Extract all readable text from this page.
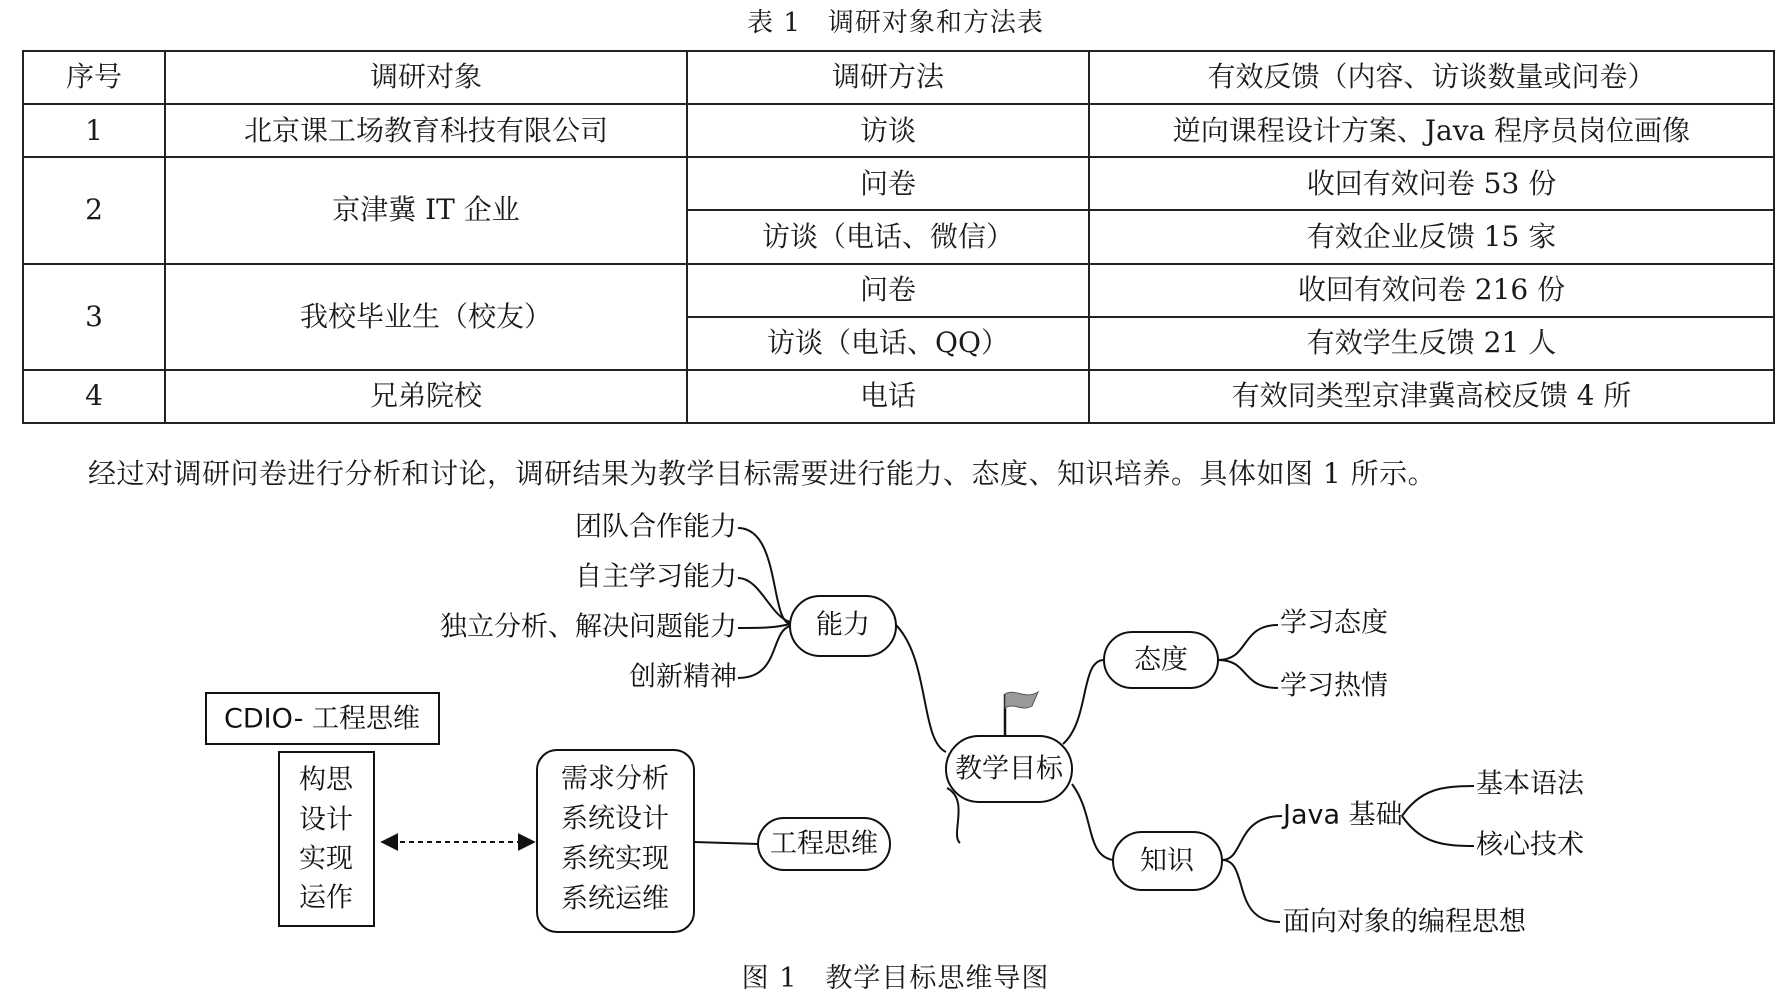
表 1　调研对象和方法表
序号	调研对象	调研方法	有效反馈（内容、访谈数量或问卷）
1	北京课工场教育科技有限公司	访谈	逆向课程设计方案、Java 程序员岗位画像
2	京津冀 IT 企业	问卷	收回有效问卷 53 份
		访谈（电话、微信）	有效企业反馈 15 家
3	我校毕业生（校友）	问卷	收回有效问卷 216 份
		访谈（电话、QQ）	有效学生反馈 21 人
4	兄弟院校	电话	有效同类型京津冀高校反馈 4 所
经过对调研问卷进行分析和讨论，调研结果为教学目标需要进行能力、态度、知识培养。具体如图 1 所示。
能力
教学目标
工程思维
态度
知识
CDIO- 工程思维
需求分析
系统设计
系统实现
系统运维
构思
设计
实现
运作
团队合作能力
自主学习能力
独立分析、解决问题能力
创新精神
学习态度
学习热情
Java 基础
基本语法
核心技术
面向对象的编程思想
图 1　教学目标思维导图
